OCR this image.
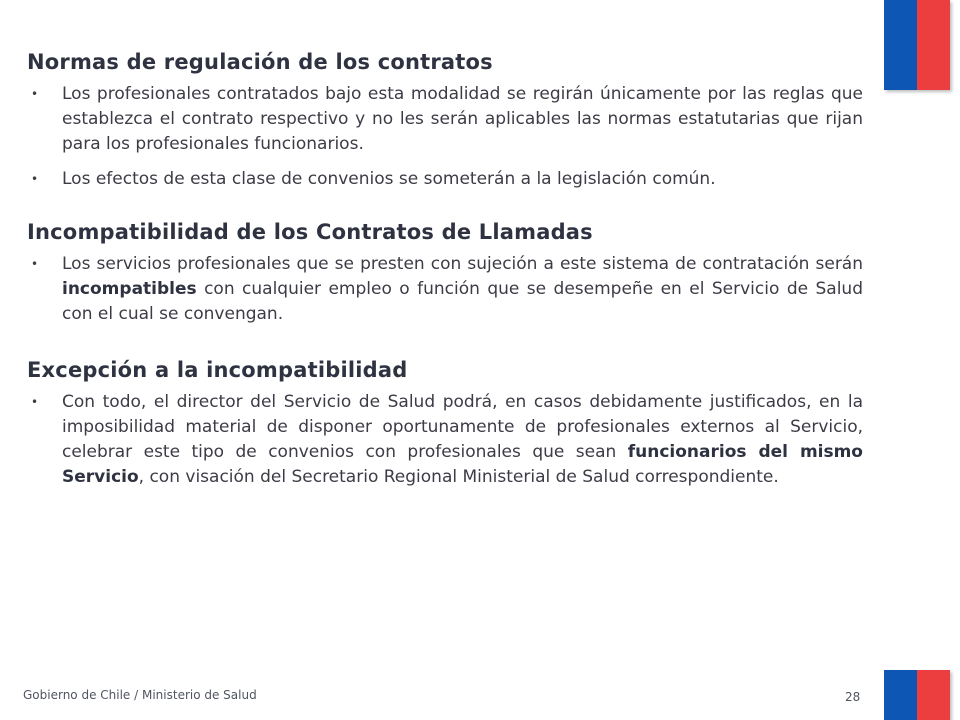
Normas de regulación de los contratos
• Los profesionales contratados bajo esta modalidad se regirán únicamente por las reglas que establezca el contrato respectivo y no les serán aplicables las normas estatutarias que rijan para los profesionales funcionarios.
• Los efectos de esta clase de convenios se someterán a la legislación común.
Incompatibilidad de los Contratos de Llamadas
• Los servicios profesionales que se presten con sujeción a este sistema de contratación serán incompatibles con cualquier empleo o función que se desempeñe en el Servicio de Salud con el cual se convengan.
Excepción a la incompatibilidad
• Con todo, el director del Servicio de Salud podrá, en casos debidamente justificados, en la imposibilidad material de disponer oportunamente de profesionales externos al Servicio, celebrar este tipo de convenios con profesionales que sean funcionarios del mismo Servicio, con visación del Secretario Regional Ministerial de Salud correspondiente.
Gobierno de Chile / Ministerio de Salud	28
